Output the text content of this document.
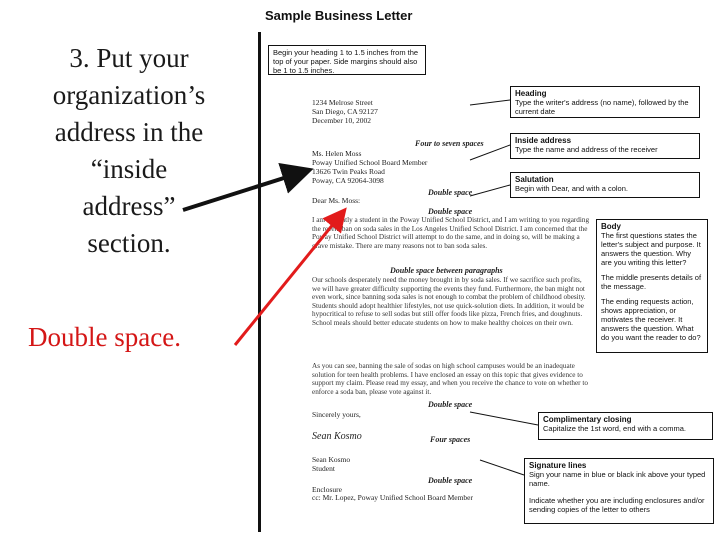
3. Put your

organization’s

address in the

“inside

address”

section.

Double space.
Sample Business Letter
Begin your heading 1 to 1.5 inches from the top of your paper. Side margins should also be 1 to 1.5 inches.
1234 Melrose Street
San Diego, CA 92127
December 10, 2002
Four to seven spaces
Ms. Helen Moss
Poway Unified School Board Member
13626 Twin Peaks Road
Poway, CA 92064-3098
Double space
Dear Ms. Moss:
Double space
I am currently a student in the Poway Unified School District, and I am writing to you regarding the recent ban on soda sales in the Los Angeles Unified School District. I am concerned that the Poway Unified School District will attempt to do the same, and in doing so, will be making a grave mistake. There are many reasons not to ban soda sales.
Double space between paragraphs
Our schools desperately need the money brought in by soda sales. If we sacrifice such profits, we will have greater difficulty supporting the events they fund. Furthermore, the ban might not even work, since banning soda sales is not enough to combat the problem of childhood obesity. Students should adopt healthier lifestyles, not use quick-solution diets. In addition, it would be hypocritical to refuse to sell sodas but still offer foods like pizza, French fries, and doughnuts. School meals should better educate students on how to make healthy choices on their own.
As you can see, banning the sale of sodas on high school campuses would be an inadequate solution for teen health problems. I have enclosed an essay on this topic that gives evidence to support my claim. Please read my essay, and when you receive the chance to vote on whether to enforce a soda ban, please vote against it.
Double space
Sincerely yours,
Sean Kosmo	Four spaces
Sean Kosmo
Student
Double space
Enclosure
cc: Mr. Lopez, Poway Unified School Board Member
Heading
Type the writer's address (no name), followed by the current date
Inside address
Type the name and address of the receiver
Salutation
Begin with Dear, and with a colon.
Body
The first questions states the letter's subject and purpose. It answers the question. Why are you writing this letter?
The middle presents details of the message.
The ending requests action, shows appreciation, or motivates the receiver. It answers the question. What do you want the reader to do?
Complimentary closing
Capitalize the 1st word, end with a comma.
Signature lines
Sign your name in blue or black ink above your typed name.
Indicate whether you are including enclosures and/or sending copies of the letter to others
